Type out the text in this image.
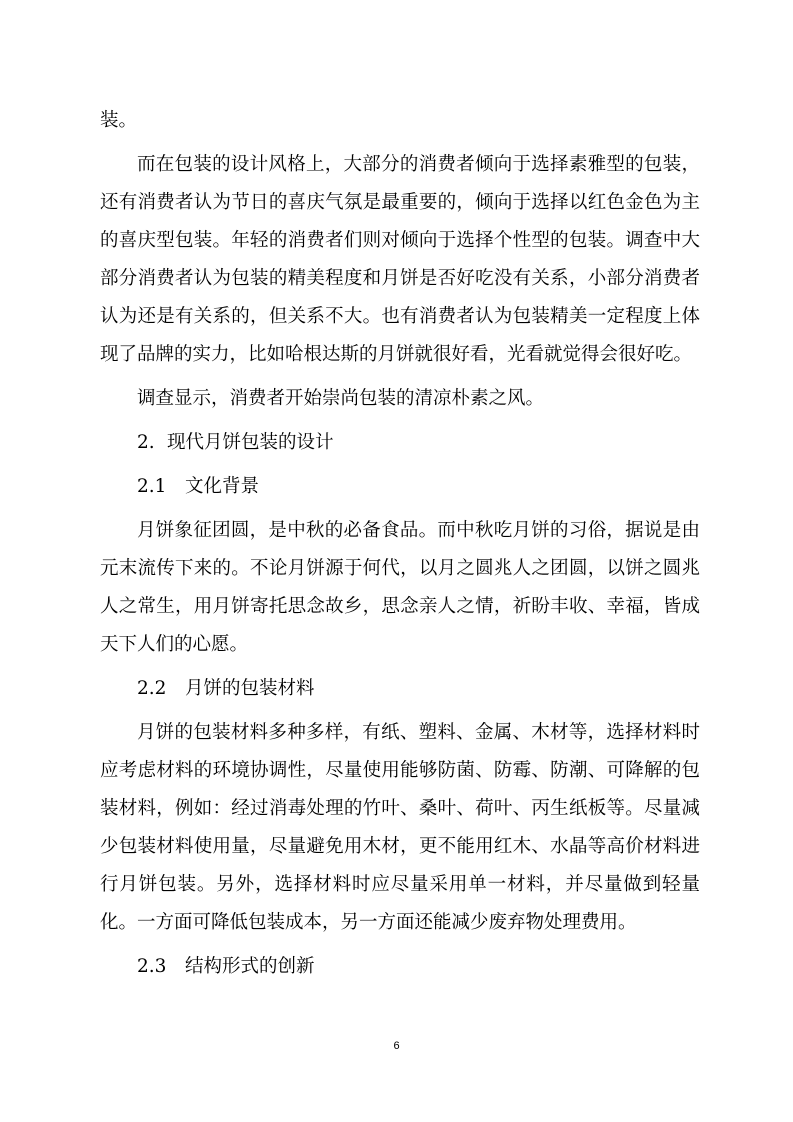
装。

而在包装的设计风格上，大部分的消费者倾向于选择素雅型的包装，还有消费者认为节日的喜庆气氛是最重要的，倾向于选择以红色金色为主的喜庆型包装。年轻的消费者们则对倾向于选择个性型的包装。调查中大部分消费者认为包装的精美程度和月饼是否好吃没有关系，小部分消费者认为还是有关系的，但关系不大。也有消费者认为包装精美一定程度上体现了品牌的实力，比如哈根达斯的月饼就很好看，光看就觉得会很好吃。

调查显示，消费者开始崇尚包装的清凉朴素之风。

2. 现代月饼包装的设计

2.1 文化背景

月饼象征团圆，是中秋的必备食品。而中秋吃月饼的习俗，据说是由元末流传下来的。不论月饼源于何代，以月之圆兆人之团圆，以饼之圆兆人之常生，用月饼寄托思念故乡，思念亲人之情，祈盼丰收、幸福，皆成天下人们的心愿。

2.2 月饼的包装材料

月饼的包装材料多种多样，有纸、塑料、金属、木材等，选择材料时应考虑材料的环境协调性，尽量使用能够防菌、防霉、防潮、可降解的包装材料，例如：经过消毒处理的竹叶、桑叶、荷叶、丙生纸板等。尽量减少包装材料使用量，尽量避免用木材，更不能用红木、水晶等高价材料进行月饼包装。另外，选择材料时应尽量采用单一材料，并尽量做到轻量化。一方面可降低包装成本，另一方面还能减少废弃物处理费用。

2.3 结构形式的创新

6
